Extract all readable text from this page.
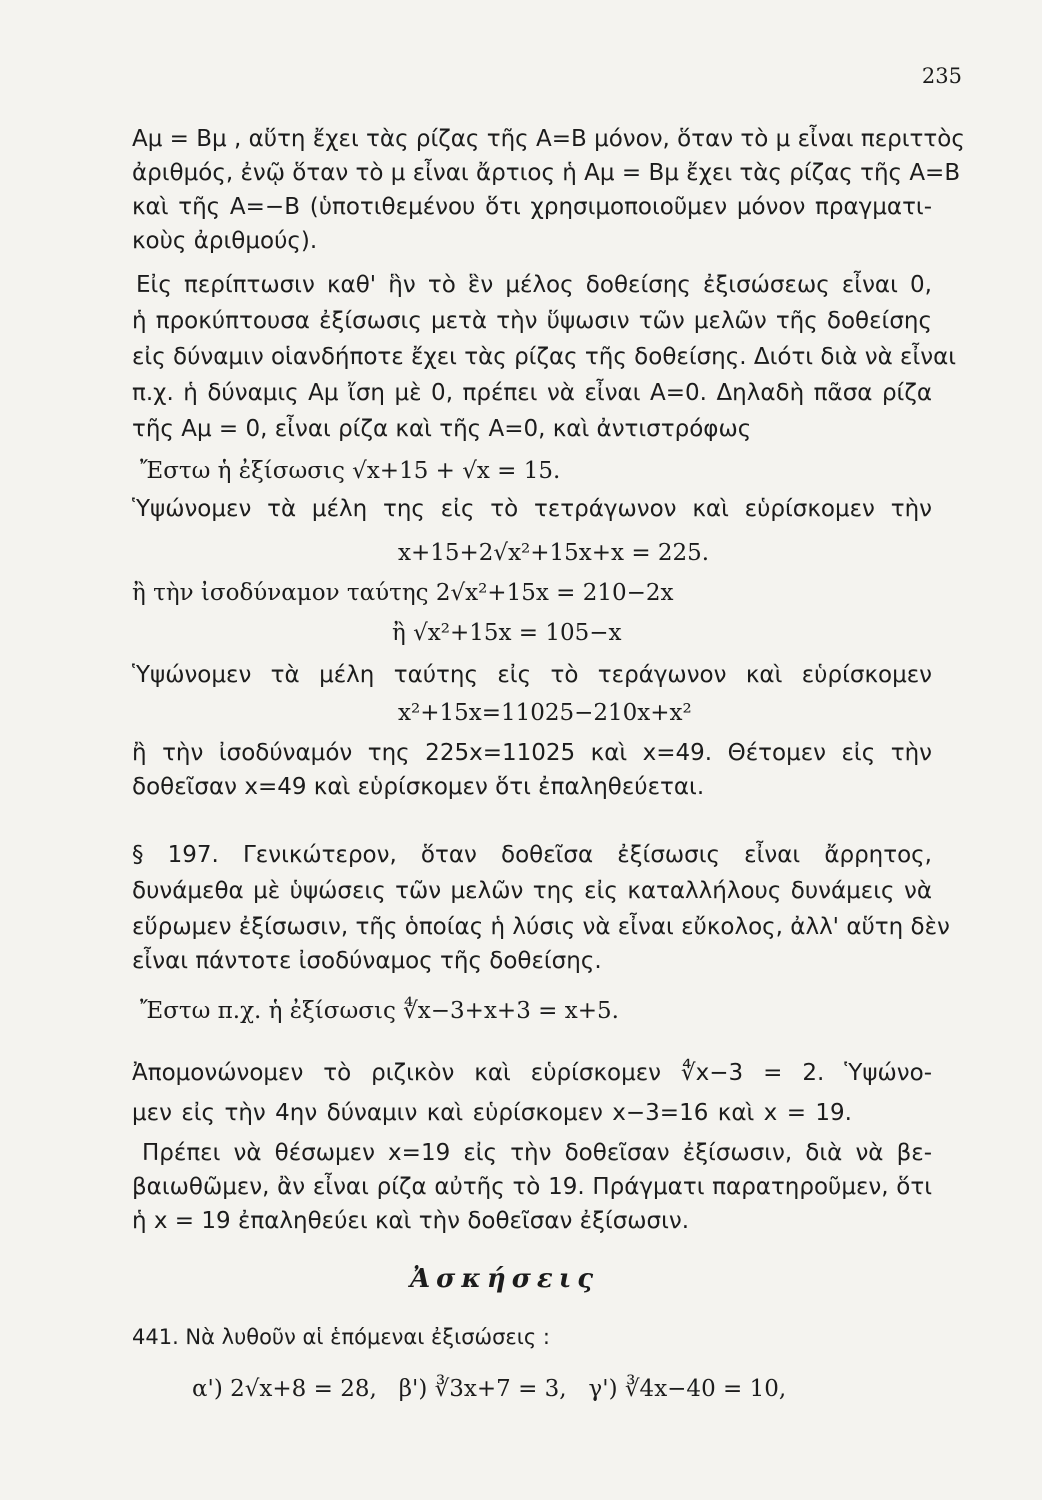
235
Aμ = Bμ , αὕτη ἔχει τὰς ρίζας τῆς A=B μόνον, ὅταν τὸ μ εἶναι περιττὸς
ἀριθμός, ἐνῷ ὅταν τὸ μ εἶναι ἄρτιος ἡ Aμ = Bμ ἔχει τὰς ρίζας τῆς A=B
καὶ τῆς A=−B (ὑποτιθεμένου ὅτι χρησιμοποιοῦμεν μόνον πραγματι-
κοὺς ἀριθμούς).
Εἰς περίπτωσιν καθ' ἣν τὸ ἓν μέλος δοθείσης ἐξισώσεως εἶναι 0,
ἡ προκύπτουσα ἐξίσωσις μετὰ τὴν ὕψωσιν τῶν μελῶν τῆς δοθείσης
εἰς δύναμιν οἱανδήποτε ἔχει τὰς ρίζας τῆς δοθείσης. Διότι διὰ νὰ εἶναι
π.χ. ἡ δύναμις Aμ ἴση μὲ 0, πρέπει νὰ εἶναι A=0. Δηλαδὴ πᾶσα ρίζα
τῆς Aμ = 0, εἶναι ρίζα καὶ τῆς A=0, καὶ ἀντιστρόφως
Ἔστω ἡ ἐξίσωσις √x+15 + √x = 15.
Ὑψώνομεν τὰ μέλη της εἰς τὸ τετράγωνον καὶ εὑρίσκομεν τὴν
x+15+2√x²+15x+x = 225.
ἢ τὴν ἰσοδύναμον ταύτης 2√x²+15x = 210−2x
ἢ √x²+15x = 105−x
Ὑψώνομεν τὰ μέλη ταύτης εἰς τὸ τεράγωνον καὶ εὑρίσκομεν
x²+15x=11025−210x+x²
ἢ τὴν ἰσοδύναμόν της 225x=11025 καὶ x=49. Θέτομεν εἰς τὴν
δοθεῖσαν x=49 καὶ εὑρίσκομεν ὅτι ἐπαληθεύεται.
§ 197. Γενικώτερον, ὅταν δοθεῖσα ἐξίσωσις εἶναι ἄρρητος,
δυνάμεθα μὲ ὑψώσεις τῶν μελῶν της εἰς καταλλήλους δυνάμεις νὰ
εὕρωμεν ἐξίσωσιν, τῆς ὁποίας ἡ λύσις νὰ εἶναι εὔκολος, ἀλλ' αὕτη δὲν
εἶναι πάντοτε ἰσοδύναμος τῆς δοθείσης.
Ἔστω π.χ. ἡ ἐξίσωσις ∜x−3+x+3 = x+5.
Ἀπομονώνομεν τὸ ριζικὸν καὶ εὑρίσκομεν ∜x−3 = 2. Ὑψώνο-
μεν εἰς τὴν 4ην δύναμιν καὶ εὑρίσκομεν x−3=16 καὶ x = 19.
Πρέπει νὰ θέσωμεν x=19 εἰς τὴν δοθεῖσαν ἐξίσωσιν, διὰ νὰ βε-
βαιωθῶμεν, ἂν εἶναι ρίζα αὐτῆς τὸ 19. Πράγματι παρατηροῦμεν, ὅτι
ἡ x = 19 ἐπαληθεύει καὶ τὴν δοθεῖσαν ἐξίσωσιν.
Ἀσκήσεις
441. Νὰ λυθοῦν αἱ ἑπόμεναι ἐξισώσεις :
α') 2√x+8 = 28,   β') ∛3x+7 = 3,   γ') ∛4x−40 = 10,
